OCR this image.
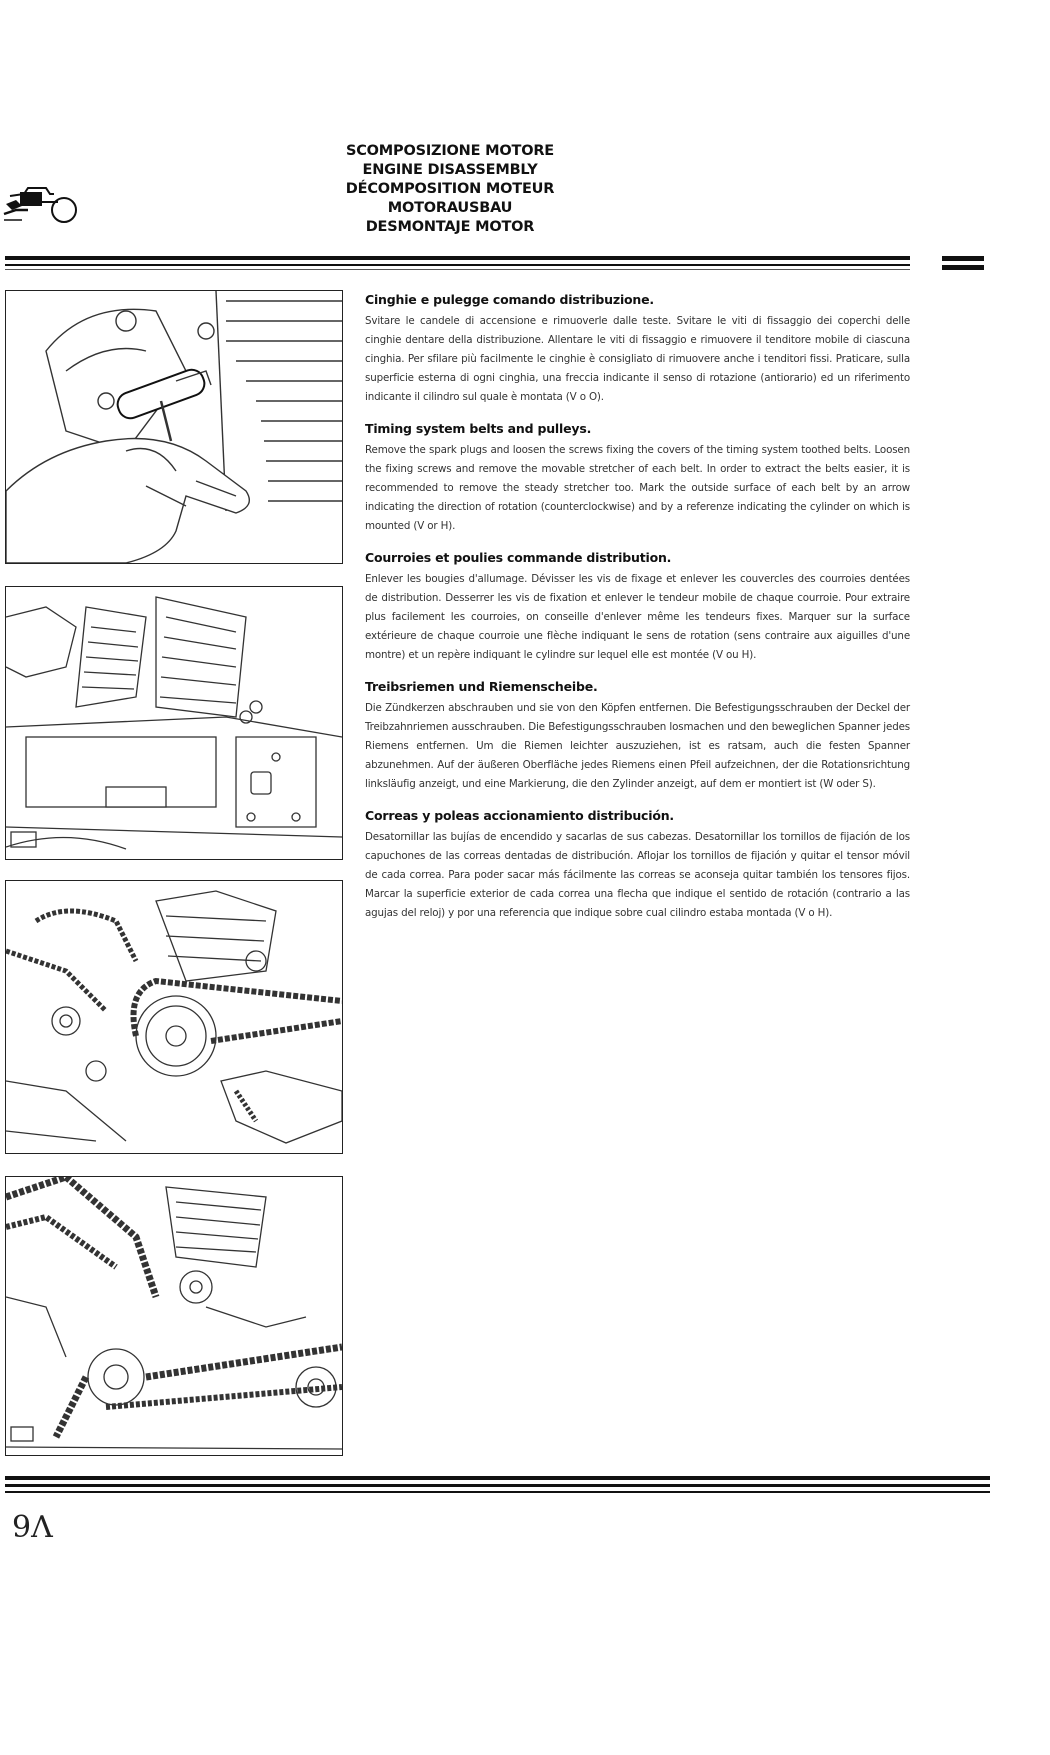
SCOMPOSIZIONE MOTORE
ENGINE DISASSEMBLY
DÉCOMPOSITION MOTEUR
MOTORAUSBAU
DESMONTAJE MOTOR
Cinghie e pulegge comando distribuzione.

Svitare le candele di accensione e rimuoverle dalle teste. Svitare le viti di fissaggio dei coperchi delle cinghie dentare della distribuzione. Allentare le viti di fissaggio e rimuovere il tenditore mobile di ciascuna cinghia. Per sfilare più facilmente le cinghie è consigliato di rimuovere anche i tenditori fissi. Praticare, sulla superficie esterna di ogni cinghia, una freccia indicante il senso di rotazione (antiorario) ed un riferimento indicante il cilindro sul quale è montata (V o O).

Timing system belts and pulleys.

Remove the spark plugs and loosen the screws fixing the covers of the timing system toothed belts. Loosen the fixing screws and remove the movable stretcher of each belt. In order to extract the belts easier, it is recommended to remove the steady stretcher too. Mark the outside surface of each belt by an arrow indicating the direction of rotation (counterclockwise) and by a referenze indicating the cylinder on which is mounted (V or H).

Courroies et poulies commande distribution.

Enlever les bougies d'allumage. Dévisser les vis de fixage et enlever les couvercles des courroies dentées de distribution. Desserrer les vis de fixation et enlever le tendeur mobile de chaque courroie. Pour extraire plus facilement les courroies, on conseille d'enlever même les tendeurs fixes. Marquer sur la surface extérieure de chaque courroie une flèche indiquant le sens de rotation (sens contraire aux aiguilles d'une montre) et un repère indiquant le cylindre sur lequel elle est montée (V ou H).

Treibsriemen und Riemenscheibe.

Die Zündkerzen abschrauben und sie von den Köpfen entfernen. Die Befestigungsschrauben der Deckel der Treibzahnriemen ausschrauben. Die Befestigungsschrauben losmachen und den beweglichen Spanner jedes Riemens entfernen. Um die Riemen leichter auszuziehen, ist es ratsam, auch die festen Spanner abzunehmen. Auf der äußeren Oberfläche jedes Riemens einen Pfeil aufzeichnen, der die Rotationsrichtung linksläufig anzeigt, und eine Markierung, die den Zylinder anzeigt, auf dem er montiert ist (W oder S).

Correas y poleas accionamiento distribución.

Desatornillar las bujías de encendido y sacarlas de sus cabezas. Desatornillar los tornillos de fijación de los capuchones de las correas dentadas de distribución. Aflojar los tornillos de fijación y quitar el tensor móvil de cada correa. Para poder sacar más fácilmente las correas se aconseja quitar también los tensores fijos. Marcar la superficie exterior de cada correa una flecha que indique el sentido de rotación (contrario a las agujas del reloj) y por una referencia que indique sobre cual cilindro estaba montada (V o H).

9Λ
